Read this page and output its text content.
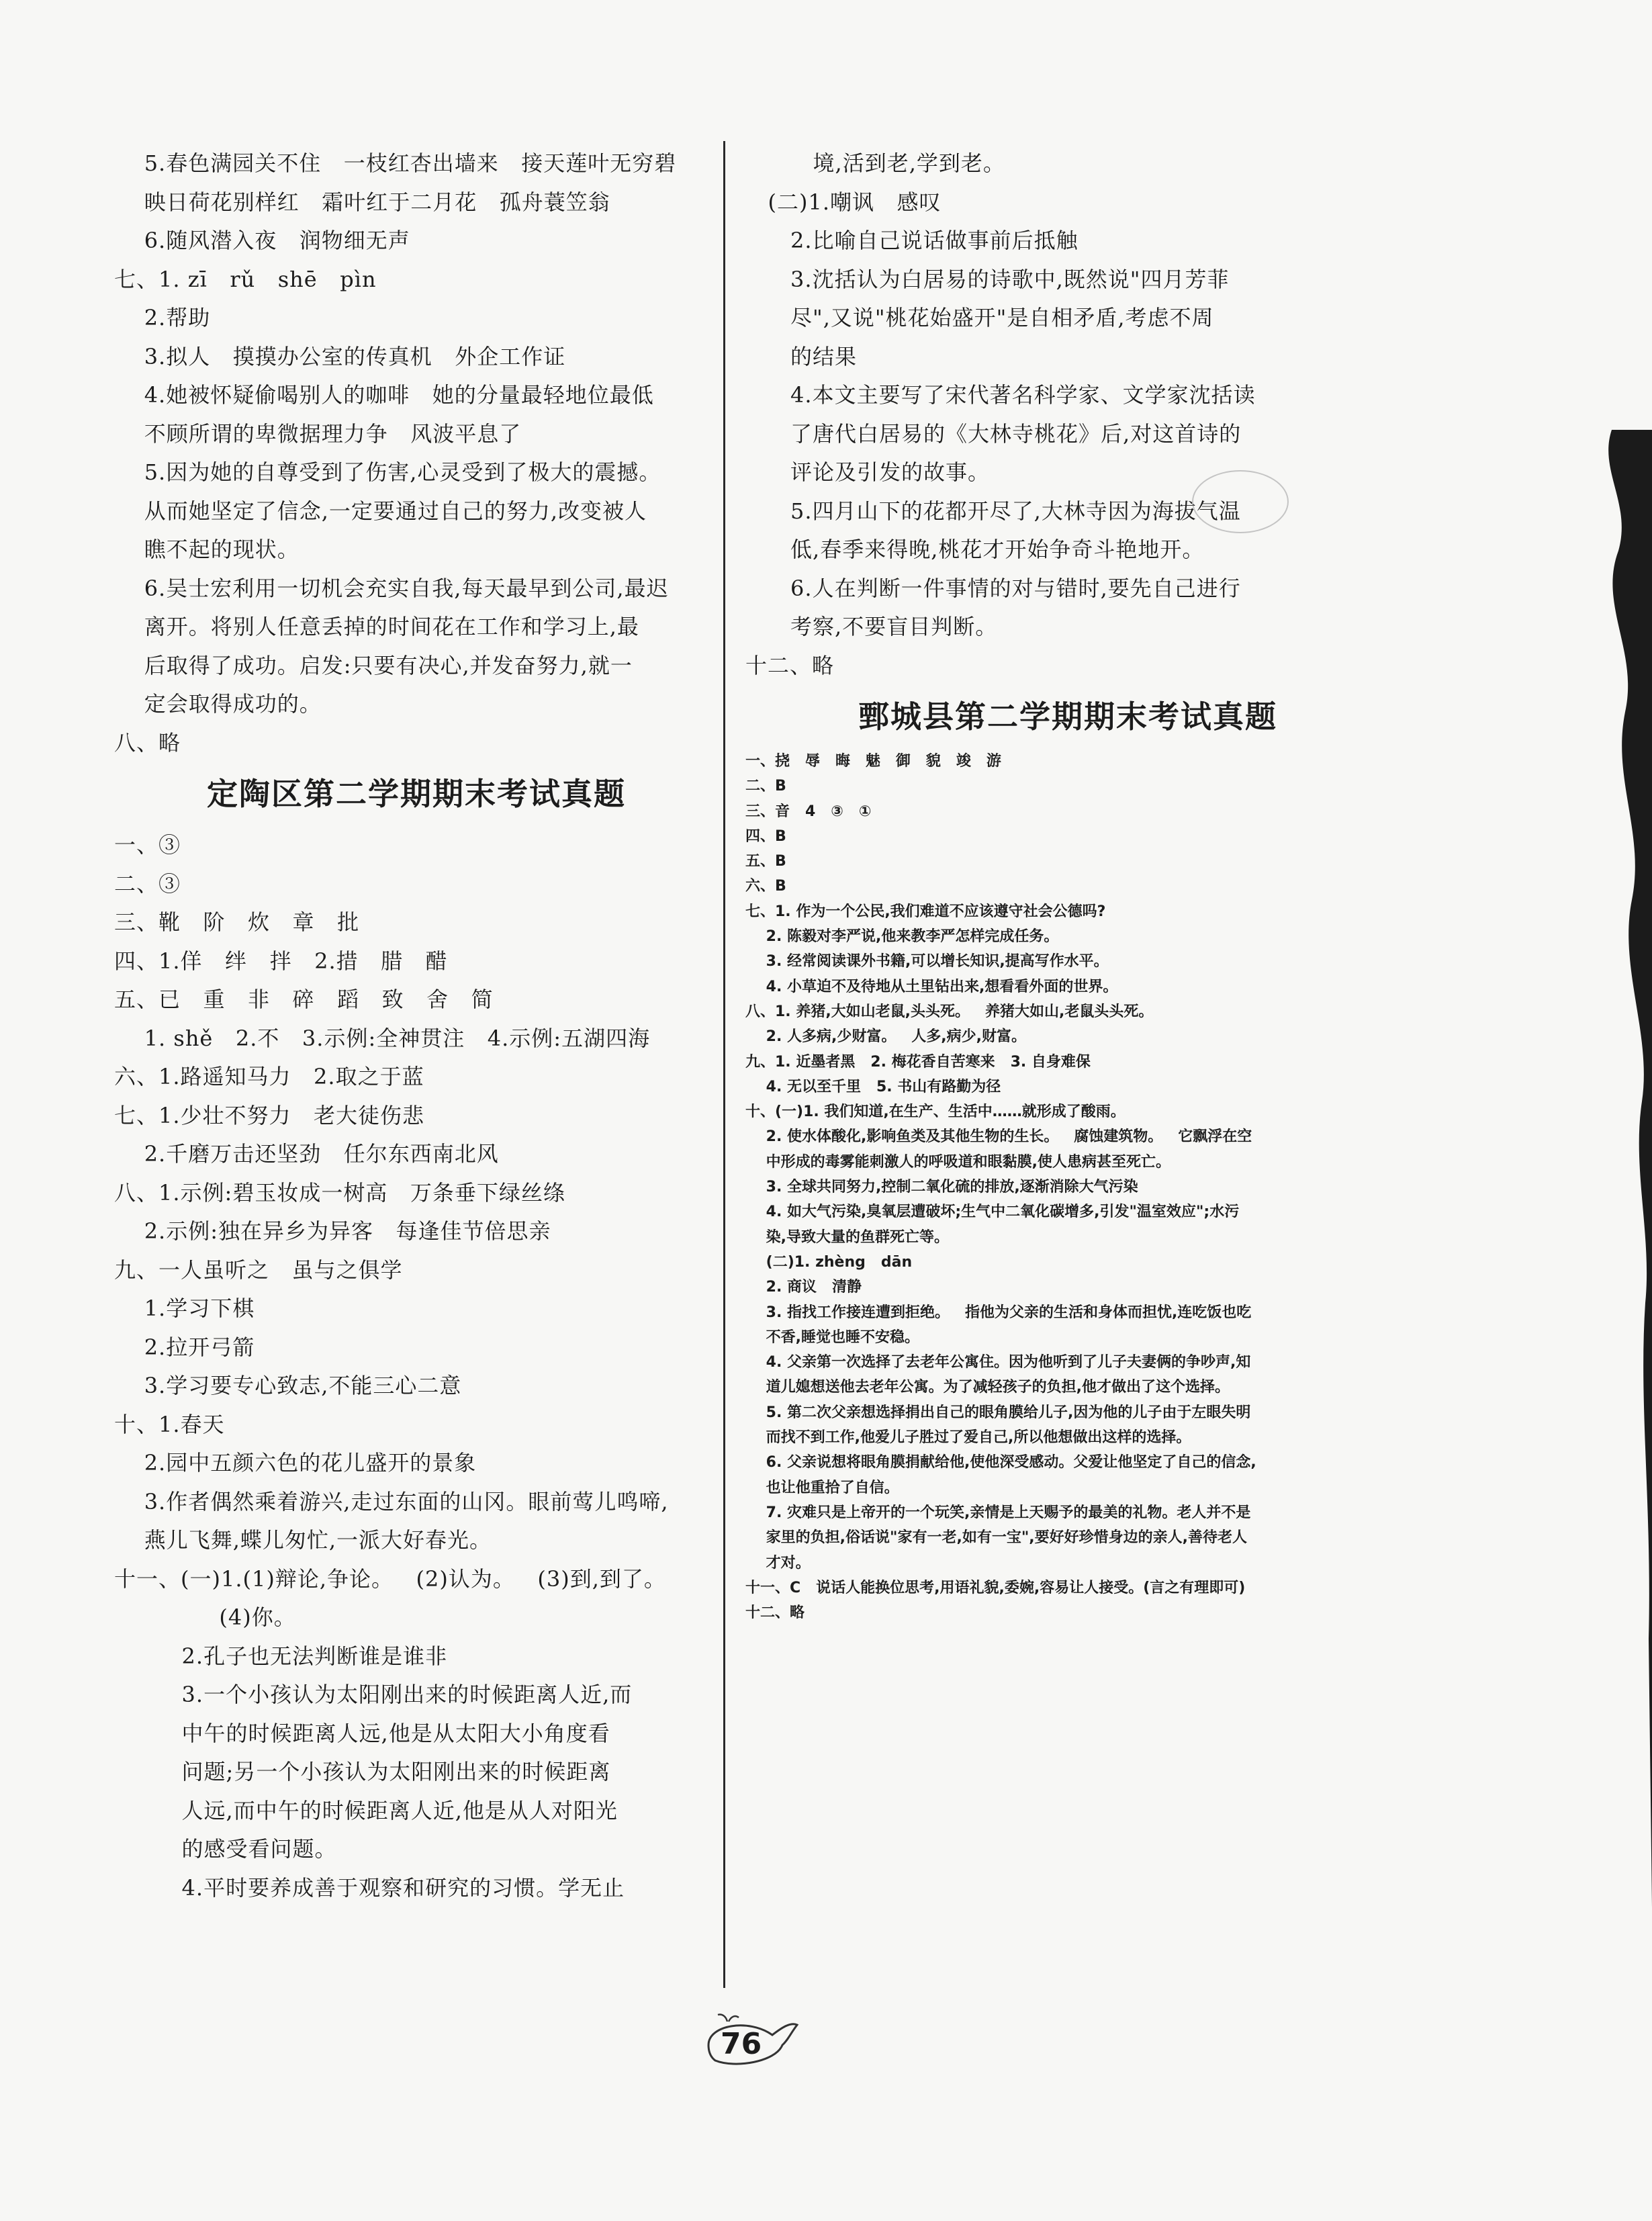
5.春色满园关不住   一枝红杏出墙来   接天莲叶无穷碧
映日荷花别样红   霜叶红于二月花   孤舟蓑笠翁
6.随风潜入夜   润物细无声
七、1. zī   rǔ   shē   pìn
2.帮助
3.拟人   摸摸办公室的传真机   外企工作证
4.她被怀疑偷喝别人的咖啡   她的分量最轻地位最低
不顾所谓的卑微据理力争   风波平息了
5.因为她的自尊受到了伤害,心灵受到了极大的震撼。
从而她坚定了信念,一定要通过自己的努力,改变被人
瞧不起的现状。
6.吴士宏利用一切机会充实自我,每天最早到公司,最迟
离开。将别人任意丢掉的时间花在工作和学习上,最
后取得了成功。启发:只要有决心,并发奋努力,就一
定会取得成功的。
八、略
定陶区第二学期期末考试真题
一、③
二、③
三、靴   阶   炊   章   批
四、1.佯   绊   拌   2.措   腊   醋
五、已   重   非   碎   蹈   致   舍   简
1. shě   2.不   3.示例:全神贯注   4.示例:五湖四海
六、1.路遥知马力   2.取之于蓝
七、1.少壮不努力   老大徒伤悲
2.千磨万击还坚劲   任尔东西南北风
八、1.示例:碧玉妆成一树高   万条垂下绿丝绦
2.示例:独在异乡为异客   每逢佳节倍思亲
九、一人虽听之   虽与之俱学
1.学习下棋
2.拉开弓箭
3.学习要专心致志,不能三心二意
十、1.春天
2.园中五颜六色的花儿盛开的景象
3.作者偶然乘着游兴,走过东面的山冈。眼前莺儿鸣啼,
燕儿飞舞,蝶儿匆忙,一派大好春光。
十一、(一)1.(1)辩论,争论。   (2)认为。   (3)到,到了。
(4)你。
2.孔子也无法判断谁是谁非
3.一个小孩认为太阳刚出来的时候距离人近,而
中午的时候距离人远,他是从太阳大小角度看
问题;另一个小孩认为太阳刚出来的时候距离
人远,而中午的时候距离人近,他是从人对阳光
的感受看问题。
4.平时要养成善于观察和研究的习惯。学无止
境,活到老,学到老。
(二)1.嘲讽   感叹
2.比喻自己说话做事前后抵触
3.沈括认为白居易的诗歌中,既然说"四月芳菲
尽",又说"桃花始盛开"是自相矛盾,考虑不周
的结果
4.本文主要写了宋代著名科学家、文学家沈括读
了唐代白居易的《大林寺桃花》后,对这首诗的
评论及引发的故事。
5.四月山下的花都开尽了,大林寺因为海拔气温
低,春季来得晚,桃花才开始争奇斗艳地开。
6.人在判断一件事情的对与错时,要先自己进行
考察,不要盲目判断。
十二、略
鄄城县第二学期期末考试真题
一、挠   辱   晦   魅   御   貌   竣   游
二、B
三、音   4   ③   ①
四、B
五、B
六、B
七、1. 作为一个公民,我们难道不应该遵守社会公德吗?
2. 陈毅对李严说,他来教李严怎样完成任务。
3. 经常阅读课外书籍,可以增长知识,提高写作水平。
4. 小草迫不及待地从土里钻出来,想看看外面的世界。
八、1. 养猪,大如山老鼠,头头死。   养猪大如山,老鼠头头死。
2. 人多病,少财富。   人多,病少,财富。
九、1. 近墨者黑   2. 梅花香自苦寒来   3. 自身难保
4. 无以至千里   5. 书山有路勤为径
十、(一)1. 我们知道,在生产、生活中……就形成了酸雨。
2. 使水体酸化,影响鱼类及其他生物的生长。   腐蚀建筑物。   它飘浮在空
中形成的毒雾能刺激人的呼吸道和眼黏膜,使人患病甚至死亡。
3. 全球共同努力,控制二氧化硫的排放,逐渐消除大气污染
4. 如大气污染,臭氧层遭破坏;生气中二氧化碳增多,引发"温室效应";水污
染,导致大量的鱼群死亡等。
(二)1. zhèng   dān
2. 商议   清静
3. 指找工作接连遭到拒绝。   指他为父亲的生活和身体而担忧,连吃饭也吃
不香,睡觉也睡不安稳。
4. 父亲第一次选择了去老年公寓住。因为他听到了儿子夫妻俩的争吵声,知
道儿媳想送他去老年公寓。为了减轻孩子的负担,他才做出了这个选择。
5. 第二次父亲想选择捐出自己的眼角膜给儿子,因为他的儿子由于左眼失明
而找不到工作,他爱儿子胜过了爱自己,所以他想做出这样的选择。
6. 父亲说想将眼角膜捐献给他,使他深受感动。父爱让他坚定了自己的信念,
也让他重拾了自信。
7. 灾难只是上帝开的一个玩笑,亲情是上天赐予的最美的礼物。老人并不是
家里的负担,俗话说"家有一老,如有一宝",要好好珍惜身边的亲人,善待老人
才对。
十一、C   说话人能换位思考,用语礼貌,委婉,容易让人接受。(言之有理即可)
十二、略
76
